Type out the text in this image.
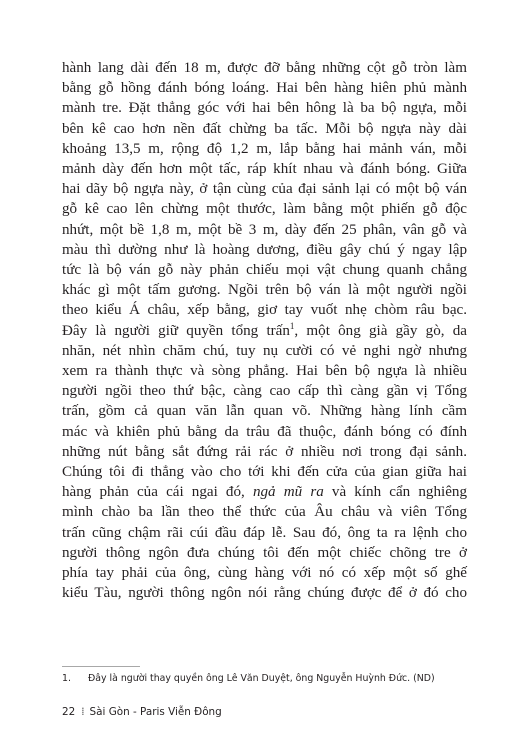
hành lang dài đến 18 m, được đỡ bằng những cột gỗ tròn làm
bằng gỗ hồng đánh bóng loáng. Hai bên hàng hiên phủ mành
mành tre. Đặt thẳng góc với hai bên hông là ba bộ ngựa, mỗi
bên kê cao hơn nền đất chừng ba tấc. Mỗi bộ ngựa này dài
khoảng 13,5 m, rộng độ 1,2 m, lắp bằng hai mảnh ván, mỗi
mảnh dày đến hơn một tấc, ráp khít nhau và đánh bóng. Giữa
hai dãy bộ ngựa này, ở tận cùng của đại sảnh lại có một bộ ván
gỗ kê cao lên chừng một thước, làm bằng một phiến gỗ độc
nhứt, một bề 1,8 m, một bề 3 m, dày đến 25 phân, vân gỗ và
màu thì dường như là hoàng dương, điều gây chú ý ngay lập
tức là bộ ván gỗ này phản chiếu mọi vật chung quanh chẳng
khác gì một tấm gương. Ngồi trên bộ ván là một người ngồi
theo kiểu Á châu, xếp bằng, giơ tay vuốt nhẹ chòm râu bạc.
Đây là người giữ quyền tổng trấn$^1$, một ông già gầy gò, da
nhăn, nét nhìn chăm chú, tuy nụ cười có vẻ nghi ngờ nhưng
xem ra thành thực và sòng phẳng. Hai bên bộ ngựa là nhiều
người ngồi theo thứ bậc, càng cao cấp thì càng gần vị Tổng
trấn, gồm cả quan văn lẫn quan võ. Những hàng lính cầm
mác và khiên phủ bằng da trâu đã thuộc, đánh bóng có đính
những nút bằng sắt đứng rải rác ở nhiều nơi trong đại sảnh.
Chúng tôi đi thẳng vào cho tới khi đến cửa của gian giữa hai
hàng phản của cái ngai đó, ngả mũ ra và kính cẩn nghiêng
mình chào ba lần theo thể thức của Âu châu và viên Tổng
trấn cũng chậm rãi cúi đầu đáp lễ. Sau đó, ông ta ra lệnh cho
người thông ngôn đưa chúng tôi đến một chiếc chõng tre ở
phía tay phải của ông, cùng hàng với nó có xếp một số ghế
kiểu Tàu, người thông ngôn nói rằng chúng được để ở đó cho
1. Đây là người thay quyền ông Lê Văn Duyệt, ông Nguyễn Huỳnh Đức. (ND)
22 ⁞ Sài Gòn - Paris Viễn Đông
